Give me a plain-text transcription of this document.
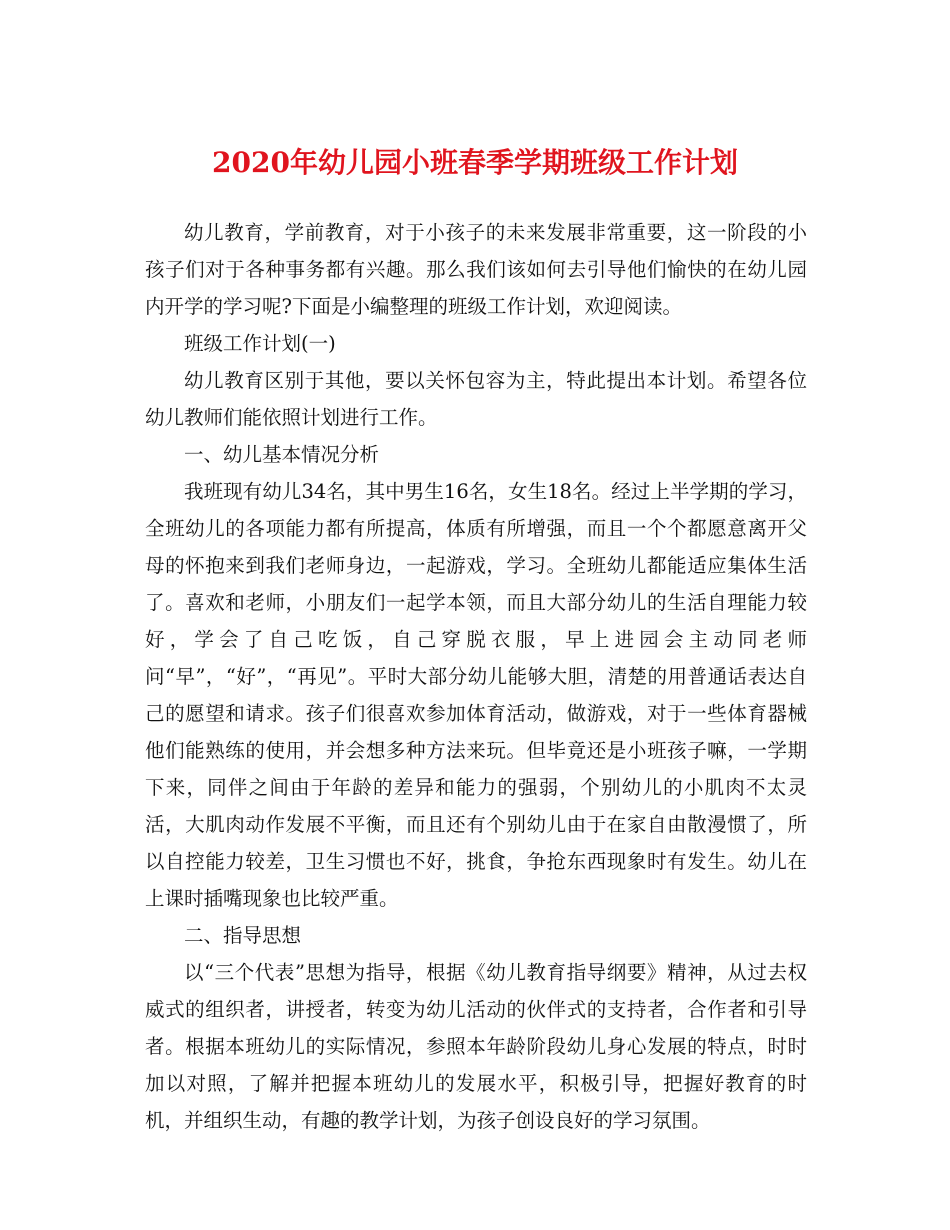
2020年幼儿园小班春季学期班级工作计划

幼儿教育，学前教育，对于小孩子的未来发展非常重要，这一阶段的小孩子们对于各种事务都有兴趣。那么我们该如何去引导他们愉快的在幼儿园内开学的学习呢?下面是小编整理的班级工作计划，欢迎阅读。

班级工作计划(一)

幼儿教育区别于其他，要以关怀包容为主，特此提出本计划。希望各位幼儿教师们能依照计划进行工作。

一、幼儿基本情况分析

我班现有幼儿34名，其中男生16名，女生18名。经过上半学期的学习，全班幼儿的各项能力都有所提高，体质有所增强，而且一个个都愿意离开父母的怀抱来到我们老师身边，一起游戏，学习。全班幼儿都能适应集体生活了。喜欢和老师，小朋友们一起学本领，而且大部分幼儿的生活自理能力较好，学会了自己吃饭，自己穿脱衣服，早上进园会主动同老师问“早”，“好”，“再见”。平时大部分幼儿能够大胆，清楚的用普通话表达自己的愿望和请求。孩子们很喜欢参加体育活动，做游戏，对于一些体育器械他们能熟练的使用，并会想多种方法来玩。但毕竟还是小班孩子嘛，一学期下来，同伴之间由于年龄的差异和能力的强弱，个别幼儿的小肌肉不太灵活，大肌肉动作发展不平衡，而且还有个别幼儿由于在家自由散漫惯了，所以自控能力较差，卫生习惯也不好，挑食，争抢东西现象时有发生。幼儿在上课时插嘴现象也比较严重。

二、指导思想

以“三个代表”思想为指导，根据《幼儿教育指导纲要》精神，从过去权威式的组织者，讲授者，转变为幼儿活动的伙伴式的支持者，合作者和引导者。根据本班幼儿的实际情况，参照本年龄阶段幼儿身心发展的特点，时时加以对照，了解并把握本班幼儿的发展水平，积极引导，把握好教育的时机，并组织生动，有趣的教学计划，为孩子创设良好的学习氛围。
